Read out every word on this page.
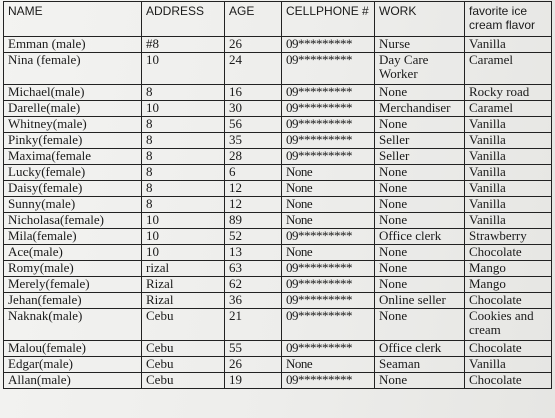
NAME	ADDRESS	AGE	CELLPHONE #	WORK	favorite ice cream flavor
Emman (male)	#8	26	09*********	Nurse	Vanilla
Nina (female)	10	24	09*********	Day Care Worker	Caramel
Michael(male)	8	16	09*********	None	Rocky road
Darelle(male)	10	30	09*********	Merchandiser	Caramel
Whitney(male)	8	56	09*********	None	Vanilla
Pinky(female)	8	35	09*********	Seller	Vanilla
Maxima(female	8	28	09*********	Seller	Vanilla
Lucky(female)	8	6	None	None	Vanilla
Daisy(female)	8	12	None	None	Vanilla
Sunny(male)	8	12	None	None	Vanilla
Nicholasa(female)	10	89	None	None	Vanilla
Mila(female)	10	52	09*********	Office clerk	Strawberry
Ace(male)	10	13	None	None	Chocolate
Romy(male)	rizal	63	09*********	None	Mango
Merely(female)	Rizal	62	09*********	None	Mango
Jehan(female)	Rizal	36	09*********	Online seller	Chocolate
Naknak(male)	Cebu	21	09*********	None	Cookies and cream
Malou(female)	Cebu	55	09*********	Office clerk	Chocolate
Edgar(male)	Cebu	26	None	Seaman	Vanilla
Allan(male)	Cebu	19	09*********	None	Chocolate
